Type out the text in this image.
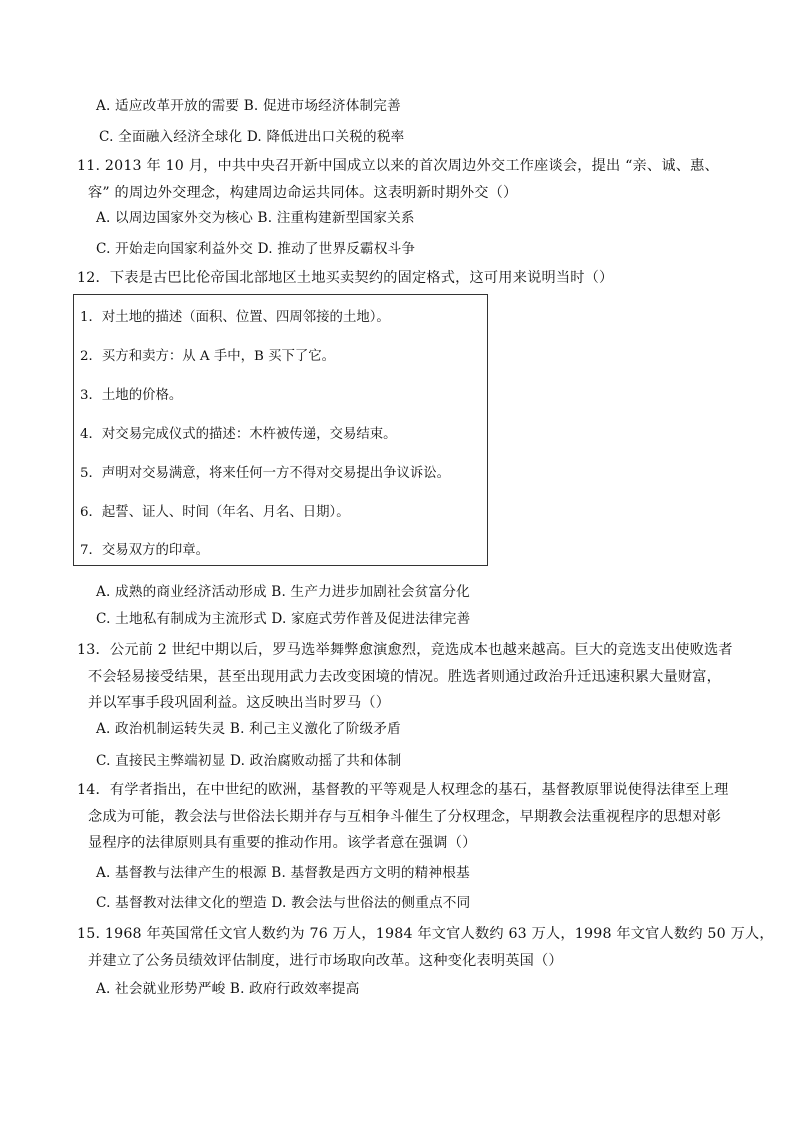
A. 适应改革开放的需要 B. 促进市场经济体制完善
C. 全面融入经济全球化 D. 降低进出口关税的税率
11. 2013 年 10 月，中共中央召开新中国成立以来的首次周边外交工作座谈会，提出 “亲、诚、惠、
容” 的周边外交理念，构建周边命运共同体。这表明新时期外交（）
A. 以周边国家外交为核心 B. 注重构建新型国家关系
C. 开始走向国家利益外交 D. 推动了世界反霸权斗争
12．下表是古巴比伦帝国北部地区土地买卖契约的固定格式，这可用来说明当时（）
1．对土地的描述（面积、位置、四周邻接的土地）。
2．买方和卖方：从 A 手中，B 买下了它。
3．土地的价格。
4．对交易完成仪式的描述：木杵被传递，交易结束。
5．声明对交易满意，将来任何一方不得对交易提出争议诉讼。
6．起誓、证人、时间（年名、月名、日期）。
7．交易双方的印章。
A. 成熟的商业经济活动形成 B. 生产力进步加剧社会贫富分化
C. 土地私有制成为主流形式 D. 家庭式劳作普及促进法律完善
13．公元前 2 世纪中期以后，罗马选举舞弊愈演愈烈，竞选成本也越来越高。巨大的竞选支出使败选者
不会轻易接受结果，甚至出现用武力去改变困境的情况。胜选者则通过政治升迁迅速积累大量财富，
并以军事手段巩固利益。这反映出当时罗马（）
A. 政治机制运转失灵 B. 利己主义激化了阶级矛盾
C. 直接民主弊端初显 D. 政治腐败动摇了共和体制
14．有学者指出，在中世纪的欧洲，基督教的平等观是人权理念的基石，基督教原罪说使得法律至上理
念成为可能，教会法与世俗法长期并存与互相争斗催生了分权理念，早期教会法重视程序的思想对彰
显程序的法律原则具有重要的推动作用。该学者意在强调（）
A. 基督教与法律产生的根源 B. 基督教是西方文明的精神根基
C. 基督教对法律文化的塑造 D. 教会法与世俗法的侧重点不同
15. 1968 年英国常任文官人数约为 76 万人，1984 年文官人数约 63 万人，1998 年文官人数约 50 万人，
并建立了公务员绩效评估制度，进行市场取向改革。这种变化表明英国（）
A. 社会就业形势严峻 B. 政府行政效率提高
